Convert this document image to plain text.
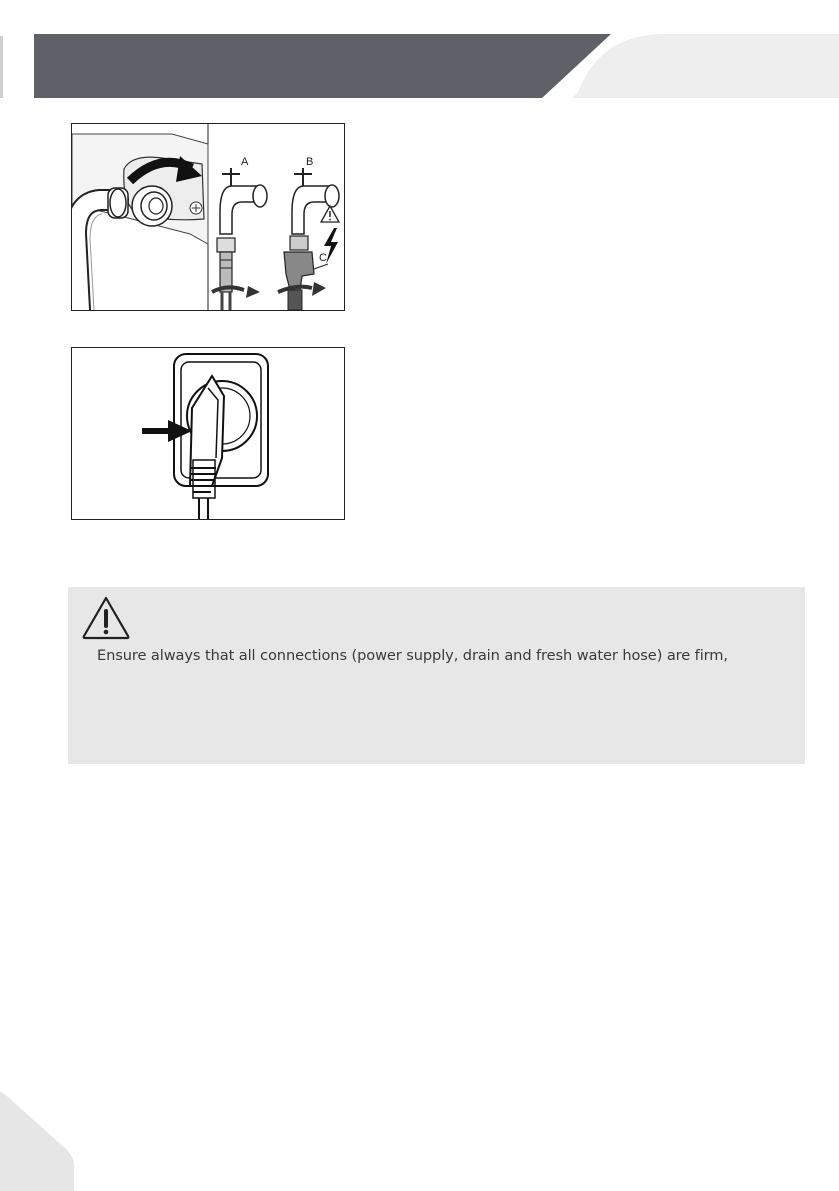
A	B
C
Ensure always that all connections (power supply, drain and fresh water hose) are firm,
